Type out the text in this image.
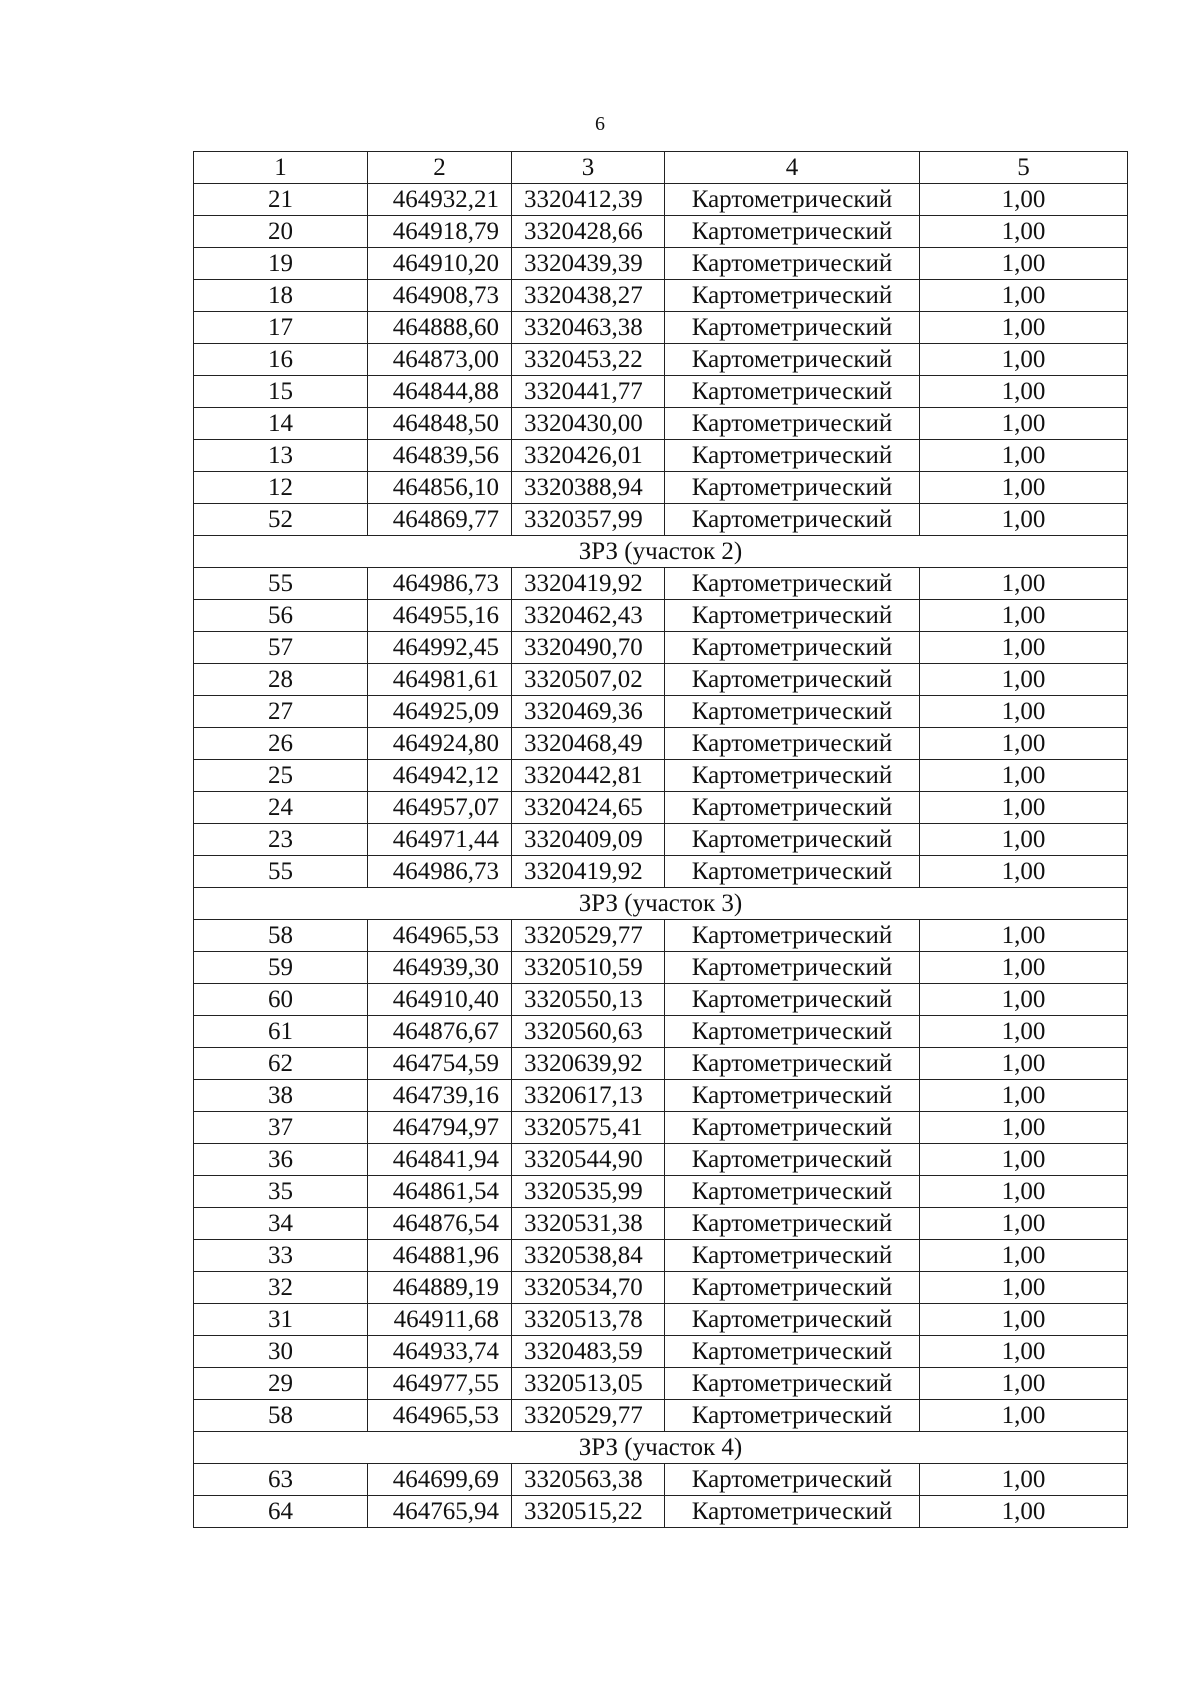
6
1	2	3	4	5
21	464932,21	3320412,39	Картометрический	1,00
20	464918,79	3320428,66	Картометрический	1,00
19	464910,20	3320439,39	Картометрический	1,00
18	464908,73	3320438,27	Картометрический	1,00
17	464888,60	3320463,38	Картометрический	1,00
16	464873,00	3320453,22	Картометрический	1,00
15	464844,88	3320441,77	Картометрический	1,00
14	464848,50	3320430,00	Картометрический	1,00
13	464839,56	3320426,01	Картометрический	1,00
12	464856,10	3320388,94	Картометрический	1,00
52	464869,77	3320357,99	Картометрический	1,00
ЗРЗ (участок 2)				
55	464986,73	3320419,92	Картометрический	1,00
56	464955,16	3320462,43	Картометрический	1,00
57	464992,45	3320490,70	Картометрический	1,00
28	464981,61	3320507,02	Картометрический	1,00
27	464925,09	3320469,36	Картометрический	1,00
26	464924,80	3320468,49	Картометрический	1,00
25	464942,12	3320442,81	Картометрический	1,00
24	464957,07	3320424,65	Картометрический	1,00
23	464971,44	3320409,09	Картометрический	1,00
55	464986,73	3320419,92	Картометрический	1,00
ЗРЗ (участок 3)				
58	464965,53	3320529,77	Картометрический	1,00
59	464939,30	3320510,59	Картометрический	1,00
60	464910,40	3320550,13	Картометрический	1,00
61	464876,67	3320560,63	Картометрический	1,00
62	464754,59	3320639,92	Картометрический	1,00
38	464739,16	3320617,13	Картометрический	1,00
37	464794,97	3320575,41	Картометрический	1,00
36	464841,94	3320544,90	Картометрический	1,00
35	464861,54	3320535,99	Картометрический	1,00
34	464876,54	3320531,38	Картометрический	1,00
33	464881,96	3320538,84	Картометрический	1,00
32	464889,19	3320534,70	Картометрический	1,00
31	464911,68	3320513,78	Картометрический	1,00
30	464933,74	3320483,59	Картометрический	1,00
29	464977,55	3320513,05	Картометрический	1,00
58	464965,53	3320529,77	Картометрический	1,00
ЗРЗ (участок 4)				
63	464699,69	3320563,38	Картометрический	1,00
64	464765,94	3320515,22	Картометрический	1,00
